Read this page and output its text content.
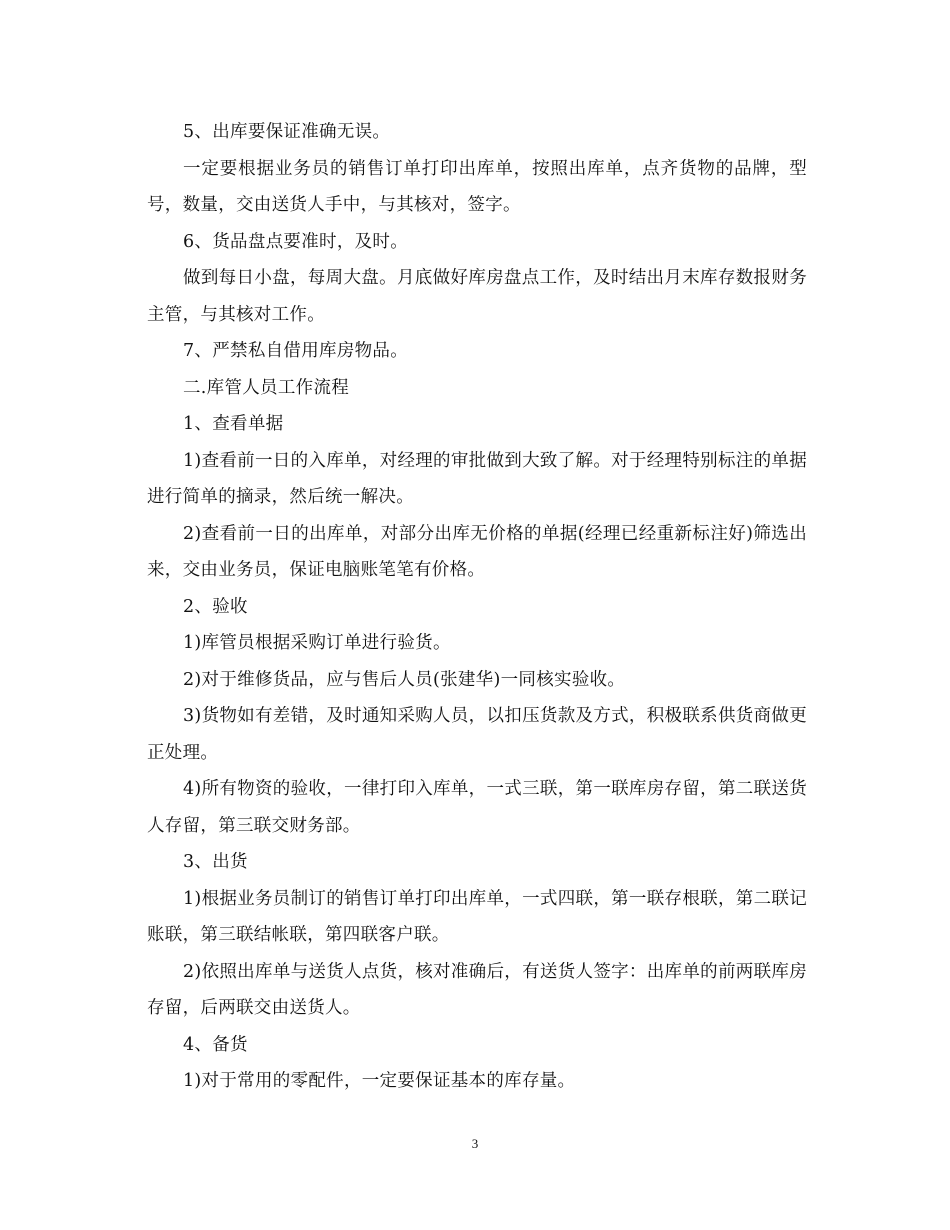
5、出库要保证准确无误。

一定要根据业务员的销售订单打印出库单，按照出库单，点齐货物的品牌，型号，数量，交由送货人手中，与其核对，签字。

6、货品盘点要准时，及时。

做到每日小盘，每周大盘。月底做好库房盘点工作，及时结出月末库存数报财务主管，与其核对工作。

7、严禁私自借用库房物品。

二.库管人员工作流程

1、查看单据

1)查看前一日的入库单，对经理的审批做到大致了解。对于经理特别标注的单据进行简单的摘录，然后统一解决。

2)查看前一日的出库单，对部分出库无价格的单据(经理已经重新标注好)筛选出来，交由业务员，保证电脑账笔笔有价格。

2、验收

1)库管员根据采购订单进行验货。

2)对于维修货品，应与售后人员(张建华)一同核实验收。

3)货物如有差错，及时通知采购人员，以扣压货款及方式，积极联系供货商做更正处理。

4)所有物资的验收，一律打印入库单，一式三联，第一联库房存留，第二联送货人存留，第三联交财务部。

3、出货

1)根据业务员制订的销售订单打印出库单，一式四联，第一联存根联，第二联记账联，第三联结帐联，第四联客户联。

2)依照出库单与送货人点货，核对准确后，有送货人签字：出库单的前两联库房存留，后两联交由送货人。

4、备货

1)对于常用的零配件，一定要保证基本的库存量。

3
